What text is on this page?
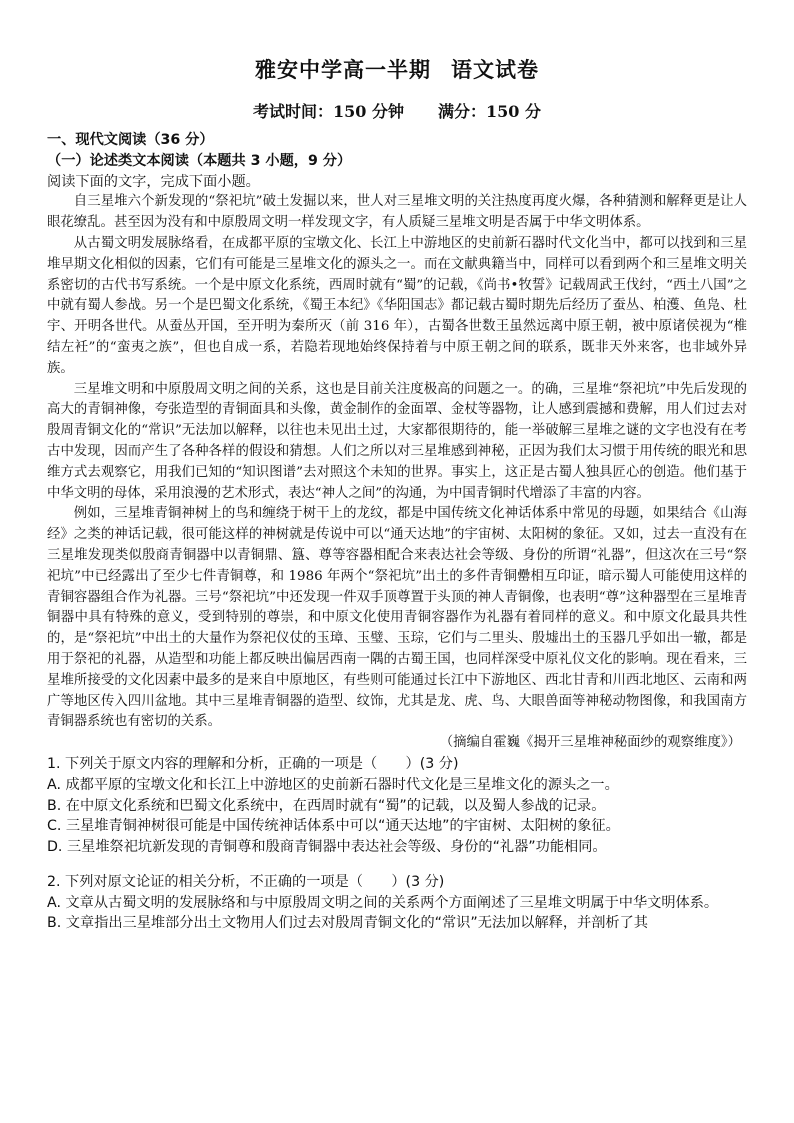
雅安中学高一半期 语文试卷
考试时间：150 分钟 满分：150 分
一、现代文阅读（36 分）
（一）论述类文本阅读（本题共 3 小题，9 分）
阅读下面的文字，完成下面小题。

自三星堆六个新发现的“祭祀坑”破土发掘以来，世人对三星堆文明的关注热度再度火爆，各种猜测和解释更是让人眼花缭乱。甚至因为没有和中原殷周文明一样发现文字，有人质疑三星堆文明是否属于中华文明体系。

从古蜀文明发展脉络看，在成都平原的宝墩文化、长江上中游地区的史前新石器时代文化当中，都可以找到和三星堆早期文化相似的因素，它们有可能是三星堆文化的源头之一。而在文献典籍当中，同样可以看到两个和三星堆文明关系密切的古代书写系统。一个是中原文化系统，西周时就有“蜀”的记载，《尚书•牧誓》记载周武王伐纣，“西土八国”之中就有蜀人参战。另一个是巴蜀文化系统，《蜀王本纪》《华阳国志》都记载古蜀时期先后经历了蚕丛、柏濩、鱼凫、杜宇、开明各世代。从蚕丛开国，至开明为秦所灭（前 316 年），古蜀各世数王虽然远离中原王朝，被中原诸侯视为“椎结左衽”的“蛮夷之族”，但也自成一系，若隐若现地始终保持着与中原王朝之间的联系，既非天外来客，也非域外异族。

三星堆文明和中原殷周文明之间的关系，这也是目前关注度极高的问题之一。的确，三星堆“祭祀坑”中先后发现的高大的青铜神像，夸张造型的青铜面具和头像，黄金制作的金面罩、金杖等器物，让人感到震撼和费解，用人们过去对殷周青铜文化的“常识”无法加以解释，以往也未见出土过，大家都很期待的，能一举破解三星堆之谜的文字也没有在考古中发现，因而产生了各种各样的假设和猜想。人们之所以对三星堆感到神秘，正因为我们太习惯于用传统的眼光和思维方式去观察它，用我们已知的“知识图谱”去对照这个未知的世界。事实上，这正是古蜀人独具匠心的创造。他们基于中华文明的母体，采用浪漫的艺术形式，表达“神人之间”的沟通，为中国青铜时代增添了丰富的内容。

例如，三星堆青铜神树上的鸟和缠绕于树干上的龙纹，都是中国传统文化神话体系中常见的母题，如果结合《山海经》之类的神话记载，很可能这样的神树就是传说中可以“通天达地”的宇宙树、太阳树的象征。又如，过去一直没有在三星堆发现类似殷商青铜器中以青铜鼎、簋、尊等容器相配合来表达社会等级、身份的所谓“礼器”，但这次在三号“祭祀坑”中已经露出了至少七件青铜尊，和 1986 年两个“祭祀坑”出土的多件青铜罍相互印证，暗示蜀人可能使用这样的青铜容器组合作为礼器。三号“祭祀坑”中还发现一件双手顶尊置于头顶的神人青铜像，也表明“尊”这种器型在三星堆青铜器中具有特殊的意义，受到特别的尊崇，和中原文化使用青铜容器作为礼器有着同样的意义。和中原文化最具共性的，是“祭祀坑”中出土的大量作为祭祀仪仗的玉璋、玉璧、玉琮，它们与二里头、殷墟出土的玉器几乎如出一辙，都是用于祭祀的礼器，从造型和功能上都反映出偏居西南一隅的古蜀王国，也同样深受中原礼仪文化的影响。现在看来，三星堆所接受的文化因素中最多的是来自中原地区，有些则可能通过长江中下游地区、西北甘青和川西北地区、云南和两广等地区传入四川盆地。其中三星堆青铜器的造型、纹饰，尤其是龙、虎、鸟、大眼兽面等神秘动物图像，和我国南方青铜器系统也有密切的关系。

（摘编自霍巍《揭开三星堆神秘面纱的观察维度》）
1. 下列关于原文内容的理解和分析，正确的一项是（　　）(3 分)
A. 成都平原的宝墩文化和长江上中游地区的史前新石器时代文化是三星堆文化的源头之一。
B. 在中原文化系统和巴蜀文化系统中，在西周时就有“蜀”的记载，以及蜀人参战的记录。
C. 三星堆青铜神树很可能是中国传统神话体系中可以“通天达地”的宇宙树、太阳树的象征。
D. 三星堆祭祀坑新发现的青铜尊和殷商青铜器中表达社会等级、身份的“礼器”功能相同。
2. 下列对原文论证的相关分析，不正确的一项是（　　）(3 分)
A. 文章从古蜀文明的发展脉络和与中原殷周文明之间的关系两个方面阐述了三星堆文明属于中华文明体系。
B. 文章指出三星堆部分出土文物用人们过去对殷周青铜文化的“常识”无法加以解释，并剖析了其
